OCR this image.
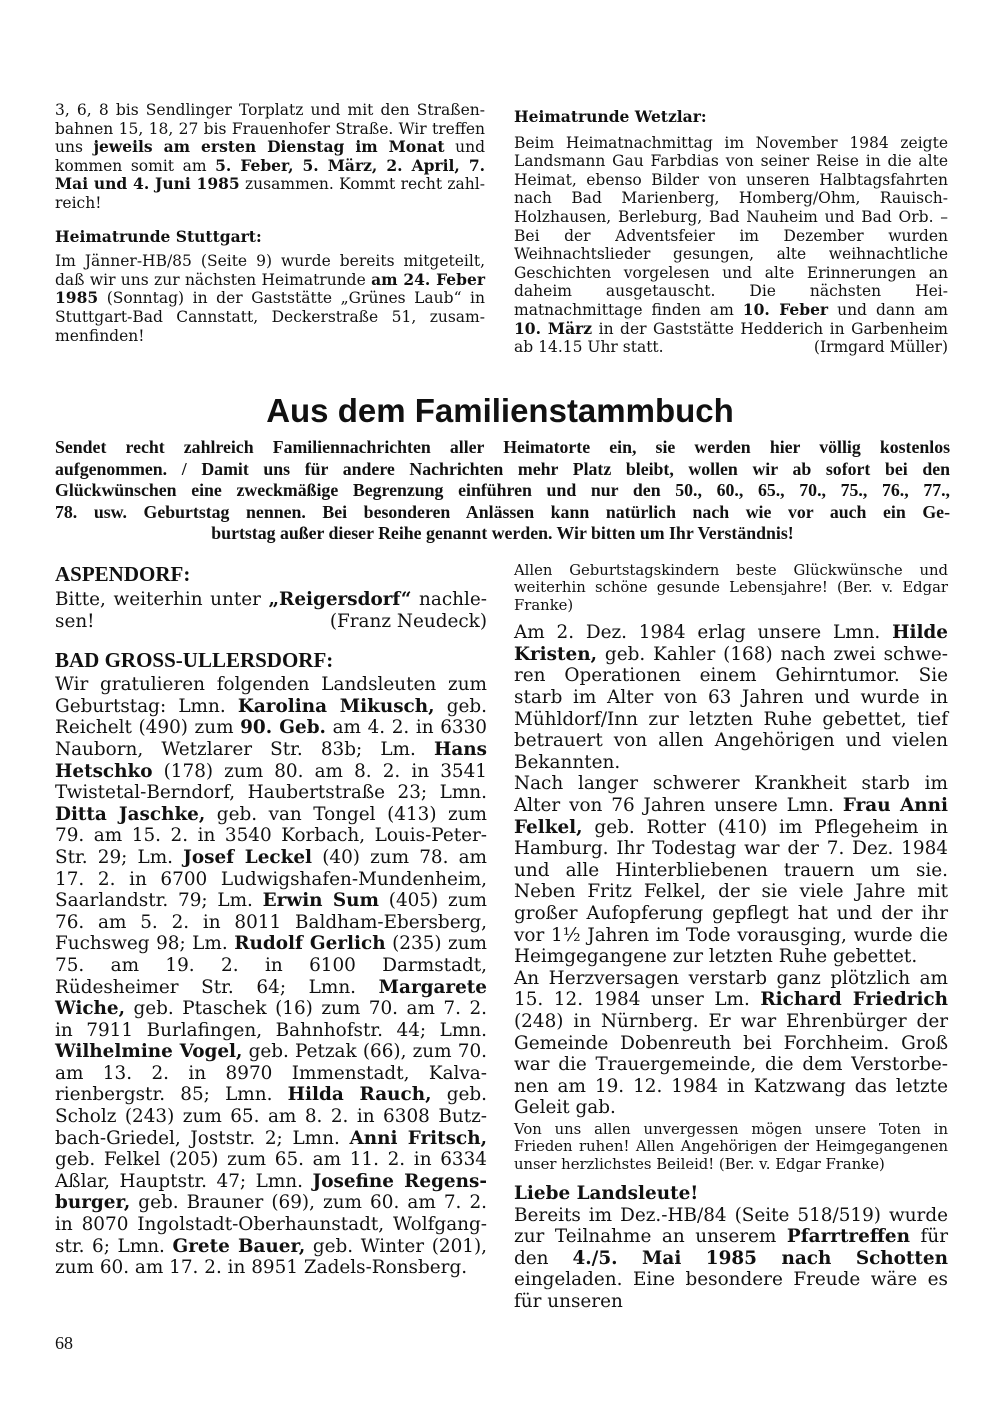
3, 6, 8 bis Sendlinger Torplatz und mit den Straßenbahnen 15, 18, 27 bis Frauenhofer Straße. Wir treffen uns jeweils am ersten Dienstag im Monat und kommen somit am 5. Feber, 5. März, 2. April, 7. Mai und 4. Juni 1985 zusammen. Kommt recht zahlreich!

Heimatrunde Stuttgart:

Im Jänner-HB/85 (Seite 9) wurde bereits mitgeteilt, daß wir uns zur nächsten Heimatrunde am 24. Feber 1985 (Sonntag) in der Gaststätte „Grünes Laub“ in Stuttgart-Bad Cannstatt, Deckerstraße 51, zusammenfinden!

Heimatrunde Wetzlar:

Beim Heimatnachmittag im November 1984 zeigte Landsmann Gau Farbdias von seiner Reise in die alte Heimat, ebenso Bilder von unseren Halbtagsfahrten nach Bad Marienberg, Homberg/Ohm, Rauisch-Holzhausen, Berleburg, Bad Nauheim und Bad Orb. – Bei der Adventsfeier im Dezember wurden Weihnachtslieder gesungen, alte weihnachtliche Geschichten vorgelesen und alte Erinnerungen an daheim ausgetauscht. Die nächsten Heimatnachmittage finden am 10. Feber und dann am 10. März in der Gaststätte Hedderich in Garbenheim ab 14.15 Uhr statt.	(Irmgard Müller)

Aus dem Familienstammbuch
Sendet recht zahlreich Familiennachrichten aller Heimatorte ein, sie werden hier völlig kostenlos
aufgenommen. / Damit uns für andere Nachrichten mehr Platz bleibt, wollen wir ab sofort bei den
Glückwünschen eine zweckmäßige Begrenzung einführen und nur den 50., 60., 65., 70., 75., 76., 77.,
78. usw. Geburtstag nennen. Bei besonderen Anlässen kann natürlich nach wie vor auch ein Ge-
burtstag außer dieser Reihe genannt werden. Wir bitten um Ihr Verständnis!

ASPENDORF:

Bitte, weiterhin unter „Reigersdorf“ nachlesen!	(Franz Neudeck)

BAD GROSS-ULLERSDORF:

Wir gratulieren folgenden Landsleuten zum Geburtstag: Lmn. Karolina Mikusch, geb. Reichelt (490) zum 90. Geb. am 4. 2. in 6330 Nauborn, Wetzlarer Str. 83b; Lm. Hans Hetschko (178) zum 80. am 8. 2. in 3541 Twistetal-Berndorf, Haubertstraße 23; Lmn. Ditta Jaschke, geb. van Tongel (413) zum 79. am 15. 2. in 3540 Korbach, Louis-Peter-Str. 29; Lm. Josef Leckel (40) zum 78. am 17. 2. in 6700 Ludwigshafen-Mundenheim, Saarlandstr. 79; Lm. Erwin Sum (405) zum 76. am 5. 2. in 8011 Baldham-Ebersberg, Fuchsweg 98; Lm. Rudolf Gerlich (235) zum 75. am 19. 2. in 6100 Darmstadt, Rüdesheimer Str. 64; Lmn. Margarete Wiche, geb. Ptaschek (16) zum 70. am 7. 2. in 7911 Burlafingen, Bahnhofstr. 44; Lmn. Wilhelmine Vogel, geb. Petzak (66), zum 70. am 13. 2. in 8970 Immenstadt, Kalvarienbergstr. 85; Lmn. Hilda Rauch, geb. Scholz (243) zum 65. am 8. 2. in 6308 Butzbach-Griedel, Joststr. 2; Lmn. Anni Fritsch, geb. Felkel (205) zum 65. am 11. 2. in 6334 Aßlar, Hauptstr. 47; Lmn. Josefine Regensburger, geb. Brauner (69), zum 60. am 7. 2. in 8070 Ingolstadt-Oberhaunstadt, Wolfgangstr. 6; Lmn. Grete Bauer, geb. Winter (201), zum 60. am 17. 2. in 8951 Zadels-Ronsberg.

Allen Geburtstagskindern beste Glückwünsche und weiterhin schöne gesunde Lebensjahre! (Ber. v. Edgar Franke)

Am 2. Dez. 1984 erlag unsere Lmn. Hilde Kristen, geb. Kahler (168) nach zwei schweren Operationen einem Gehirntumor. Sie starb im Alter von 63 Jahren und wurde in Mühldorf/Inn zur letzten Ruhe gebettet, tief betrauert von allen Angehörigen und vielen Bekannten.

Nach langer schwerer Krankheit starb im Alter von 76 Jahren unsere Lmn. Frau Anni Felkel, geb. Rotter (410) im Pflegeheim in Hamburg. Ihr Todestag war der 7. Dez. 1984 und alle Hinterbliebenen trauern um sie. Neben Fritz Felkel, der sie viele Jahre mit großer Aufopferung gepflegt hat und der ihr vor 1½ Jahren im Tode vorausging, wurde die Heimgegangene zur letzten Ruhe gebettet.

An Herzversagen verstarb ganz plötzlich am 15. 12. 1984 unser Lm. Richard Friedrich (248) in Nürnberg. Er war Ehrenbürger der Gemeinde Dobenreuth bei Forchheim. Groß war die Trauergemeinde, die dem Verstorbenen am 19. 12. 1984 in Katzwang das letzte Geleit gab.

Von uns allen unvergessen mögen unsere Toten in Frieden ruhen! Allen Angehörigen der Heimgegangenen unser herzlichstes Beileid! (Ber. v. Edgar Franke)

Liebe Landsleute!

Bereits im Dez.-HB/84 (Seite 518/519) wurde zur Teilnahme an unserem Pfarrtreffen für den 4./5. Mai 1985 nach Schotten eingeladen. Eine besondere Freude wäre es für unseren

68
